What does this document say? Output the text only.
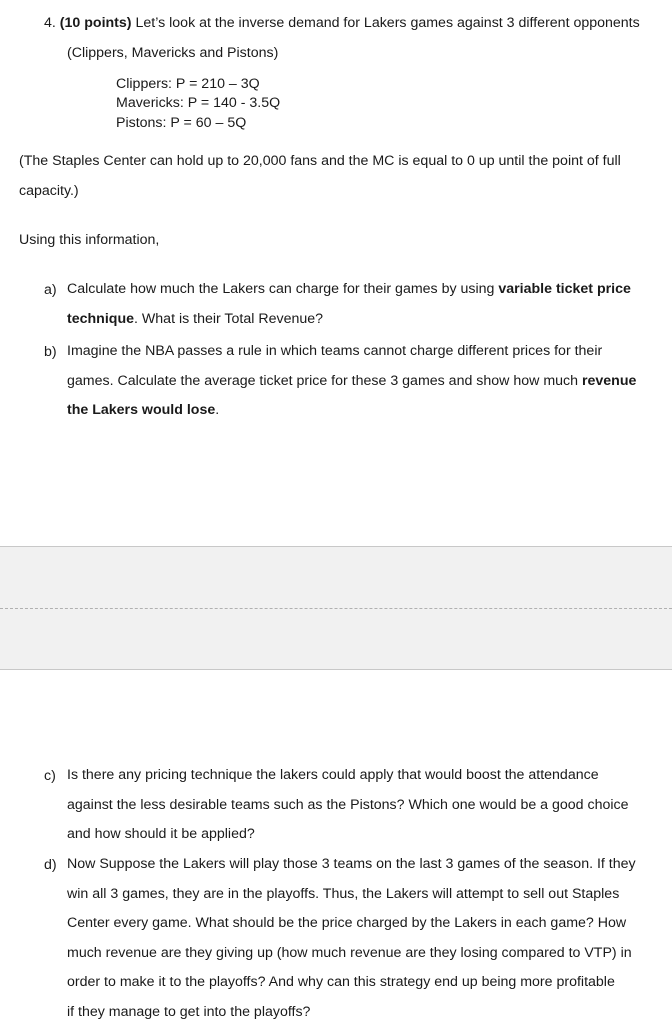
4. (10 points) Let’s look at the inverse demand for Lakers games against 3 different opponents

(Clippers, Mavericks and Pistons)

Clippers: P = 210 – 3Q

Mavericks: P = 140 - 3.5Q

Pistons: P = 60 – 5Q

(The Staples Center can hold up to 20,000 fans and the MC is equal to 0 up until the point of full

capacity.)

Using this information,

a) Calculate how much the Lakers can charge for their games by using variable ticket price

technique. What is their Total Revenue?

b) Imagine the NBA passes a rule in which teams cannot charge different prices for their

games. Calculate the average ticket price for these 3 games and show how much revenue

the Lakers would lose.

c) Is there any pricing technique the lakers could apply that would boost the attendance

against the less desirable teams such as the Pistons? Which one would be a good choice

and how should it be applied?

d) Now Suppose the Lakers will play those 3 teams on the last 3 games of the season. If they

win all 3 games, they are in the playoffs. Thus, the Lakers will attempt to sell out Staples

Center every game. What should be the price charged by the Lakers in each game? How

much revenue are they giving up (how much revenue are they losing compared to VTP) in

order to make it to the playoffs? And why can this strategy end up being more profitable

if they manage to get into the playoffs?
